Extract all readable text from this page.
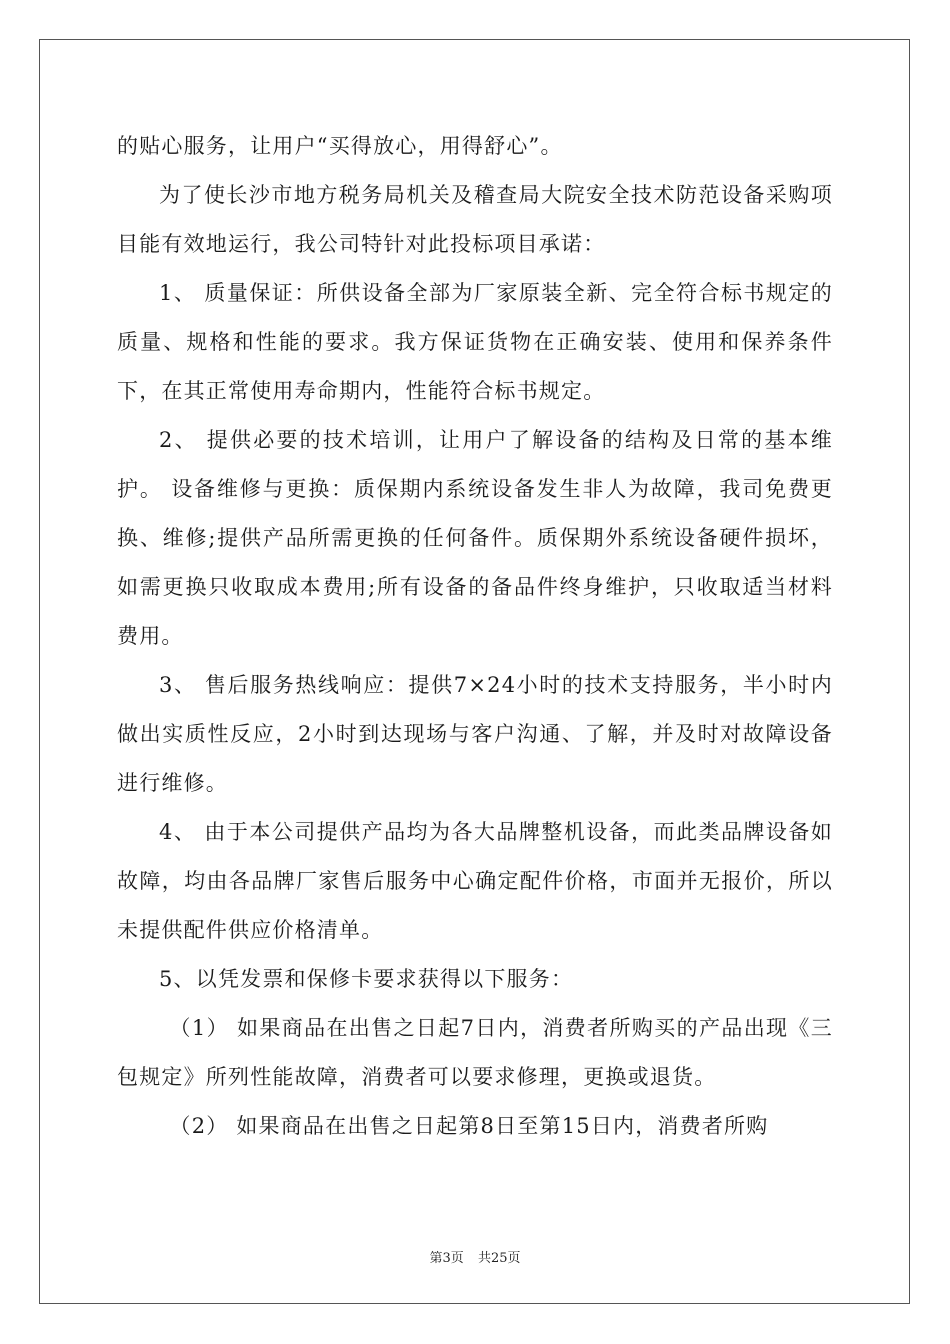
的贴心服务，让用户“买得放心，用得舒心”。

为了使长沙市地方税务局机关及稽查局大院安全技术防范设备采购项目能有效地运行，我公司特针对此投标项目承诺：

1、 质量保证：所供设备全部为厂家原装全新、完全符合标书规定的质量、规格和性能的要求。我方保证货物在正确安装、使用和保养条件下，在其正常使用寿命期内，性能符合标书规定。

2、 提供必要的技术培训，让用户了解设备的结构及日常的基本维护。 设备维修与更换：质保期内系统设备发生非人为故障，我司免费更换、维修;提供产品所需更换的任何备件。质保期外系统设备硬件损坏，如需更换只收取成本费用;所有设备的备品件终身维护，只收取适当材料费用。

3、 售后服务热线响应：提供7×24小时的技术支持服务，半小时内做出实质性反应，2小时到达现场与客户沟通、了解，并及时对故障设备进行维修。

4、 由于本公司提供产品均为各大品牌整机设备，而此类品牌设备如故障，均由各品牌厂家售后服务中心确定配件价格，市面并无报价，所以未提供配件供应价格清单。

5、以凭发票和保修卡要求获得以下服务：

（1） 如果商品在出售之日起7日内，消费者所购买的产品出现《三包规定》所列性能故障，消费者可以要求修理，更换或退货。

（2） 如果商品在出售之日起第8日至第15日内，消费者所购

第3页 共25页
